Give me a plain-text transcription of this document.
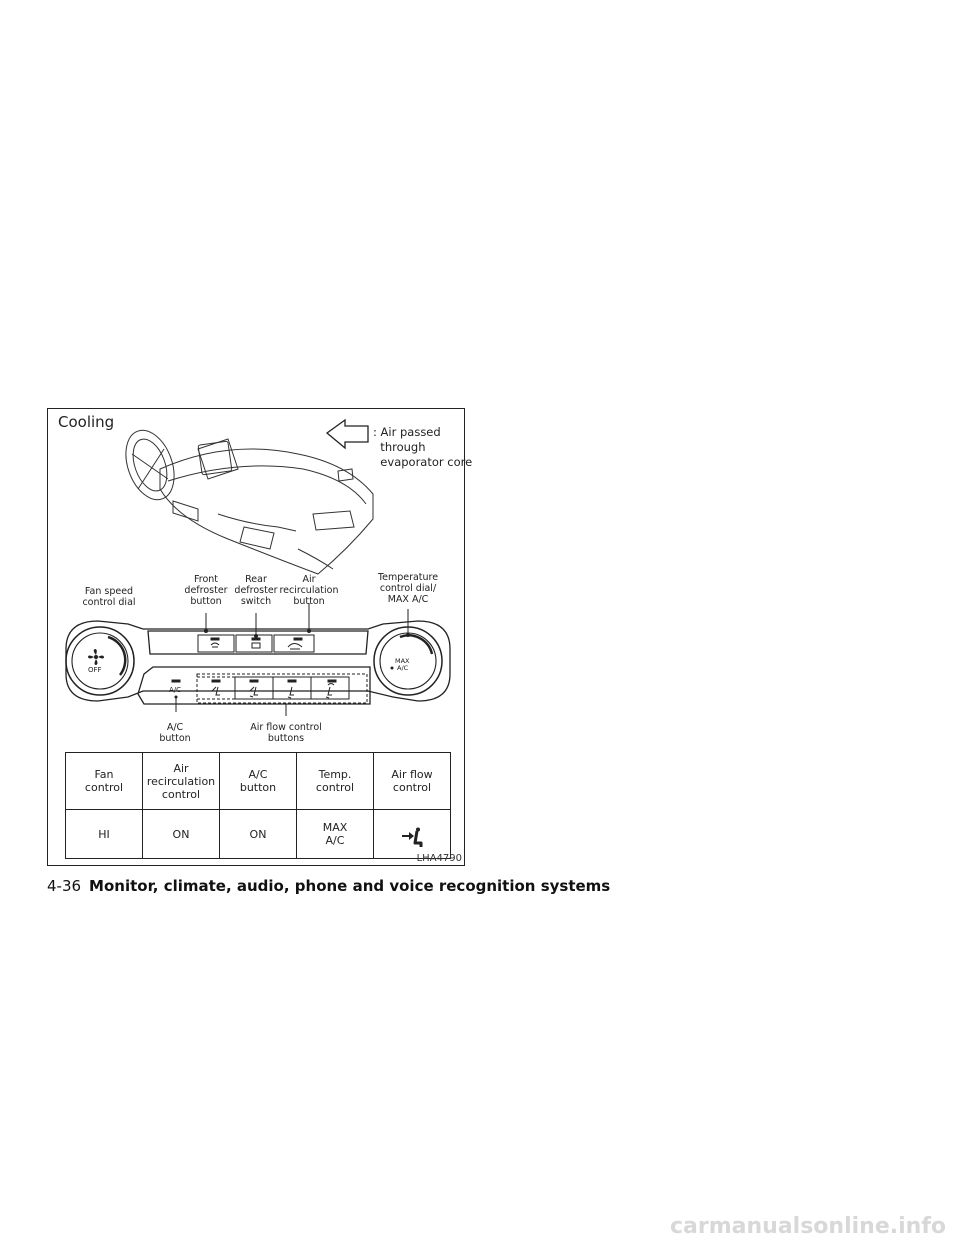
Cooling
OFF
MAX
A/C
A/C
: Air passed
through
evaporator core
Fan speed
control dial
Front
defroster
button
Rear
defroster
switch
Air
recirculation
button
Temperature
control dial/
MAX A/C
A/C
button
Air flow control
buttons
Fan
control	Air
recirculation
control	A/C
button	Temp.
control	Air flow
control
HI	ON	ON	MAX
A/C	

LHA4790
4-36 Monitor, climate, audio, phone and voice recognition systems
carmanualsonline.info
